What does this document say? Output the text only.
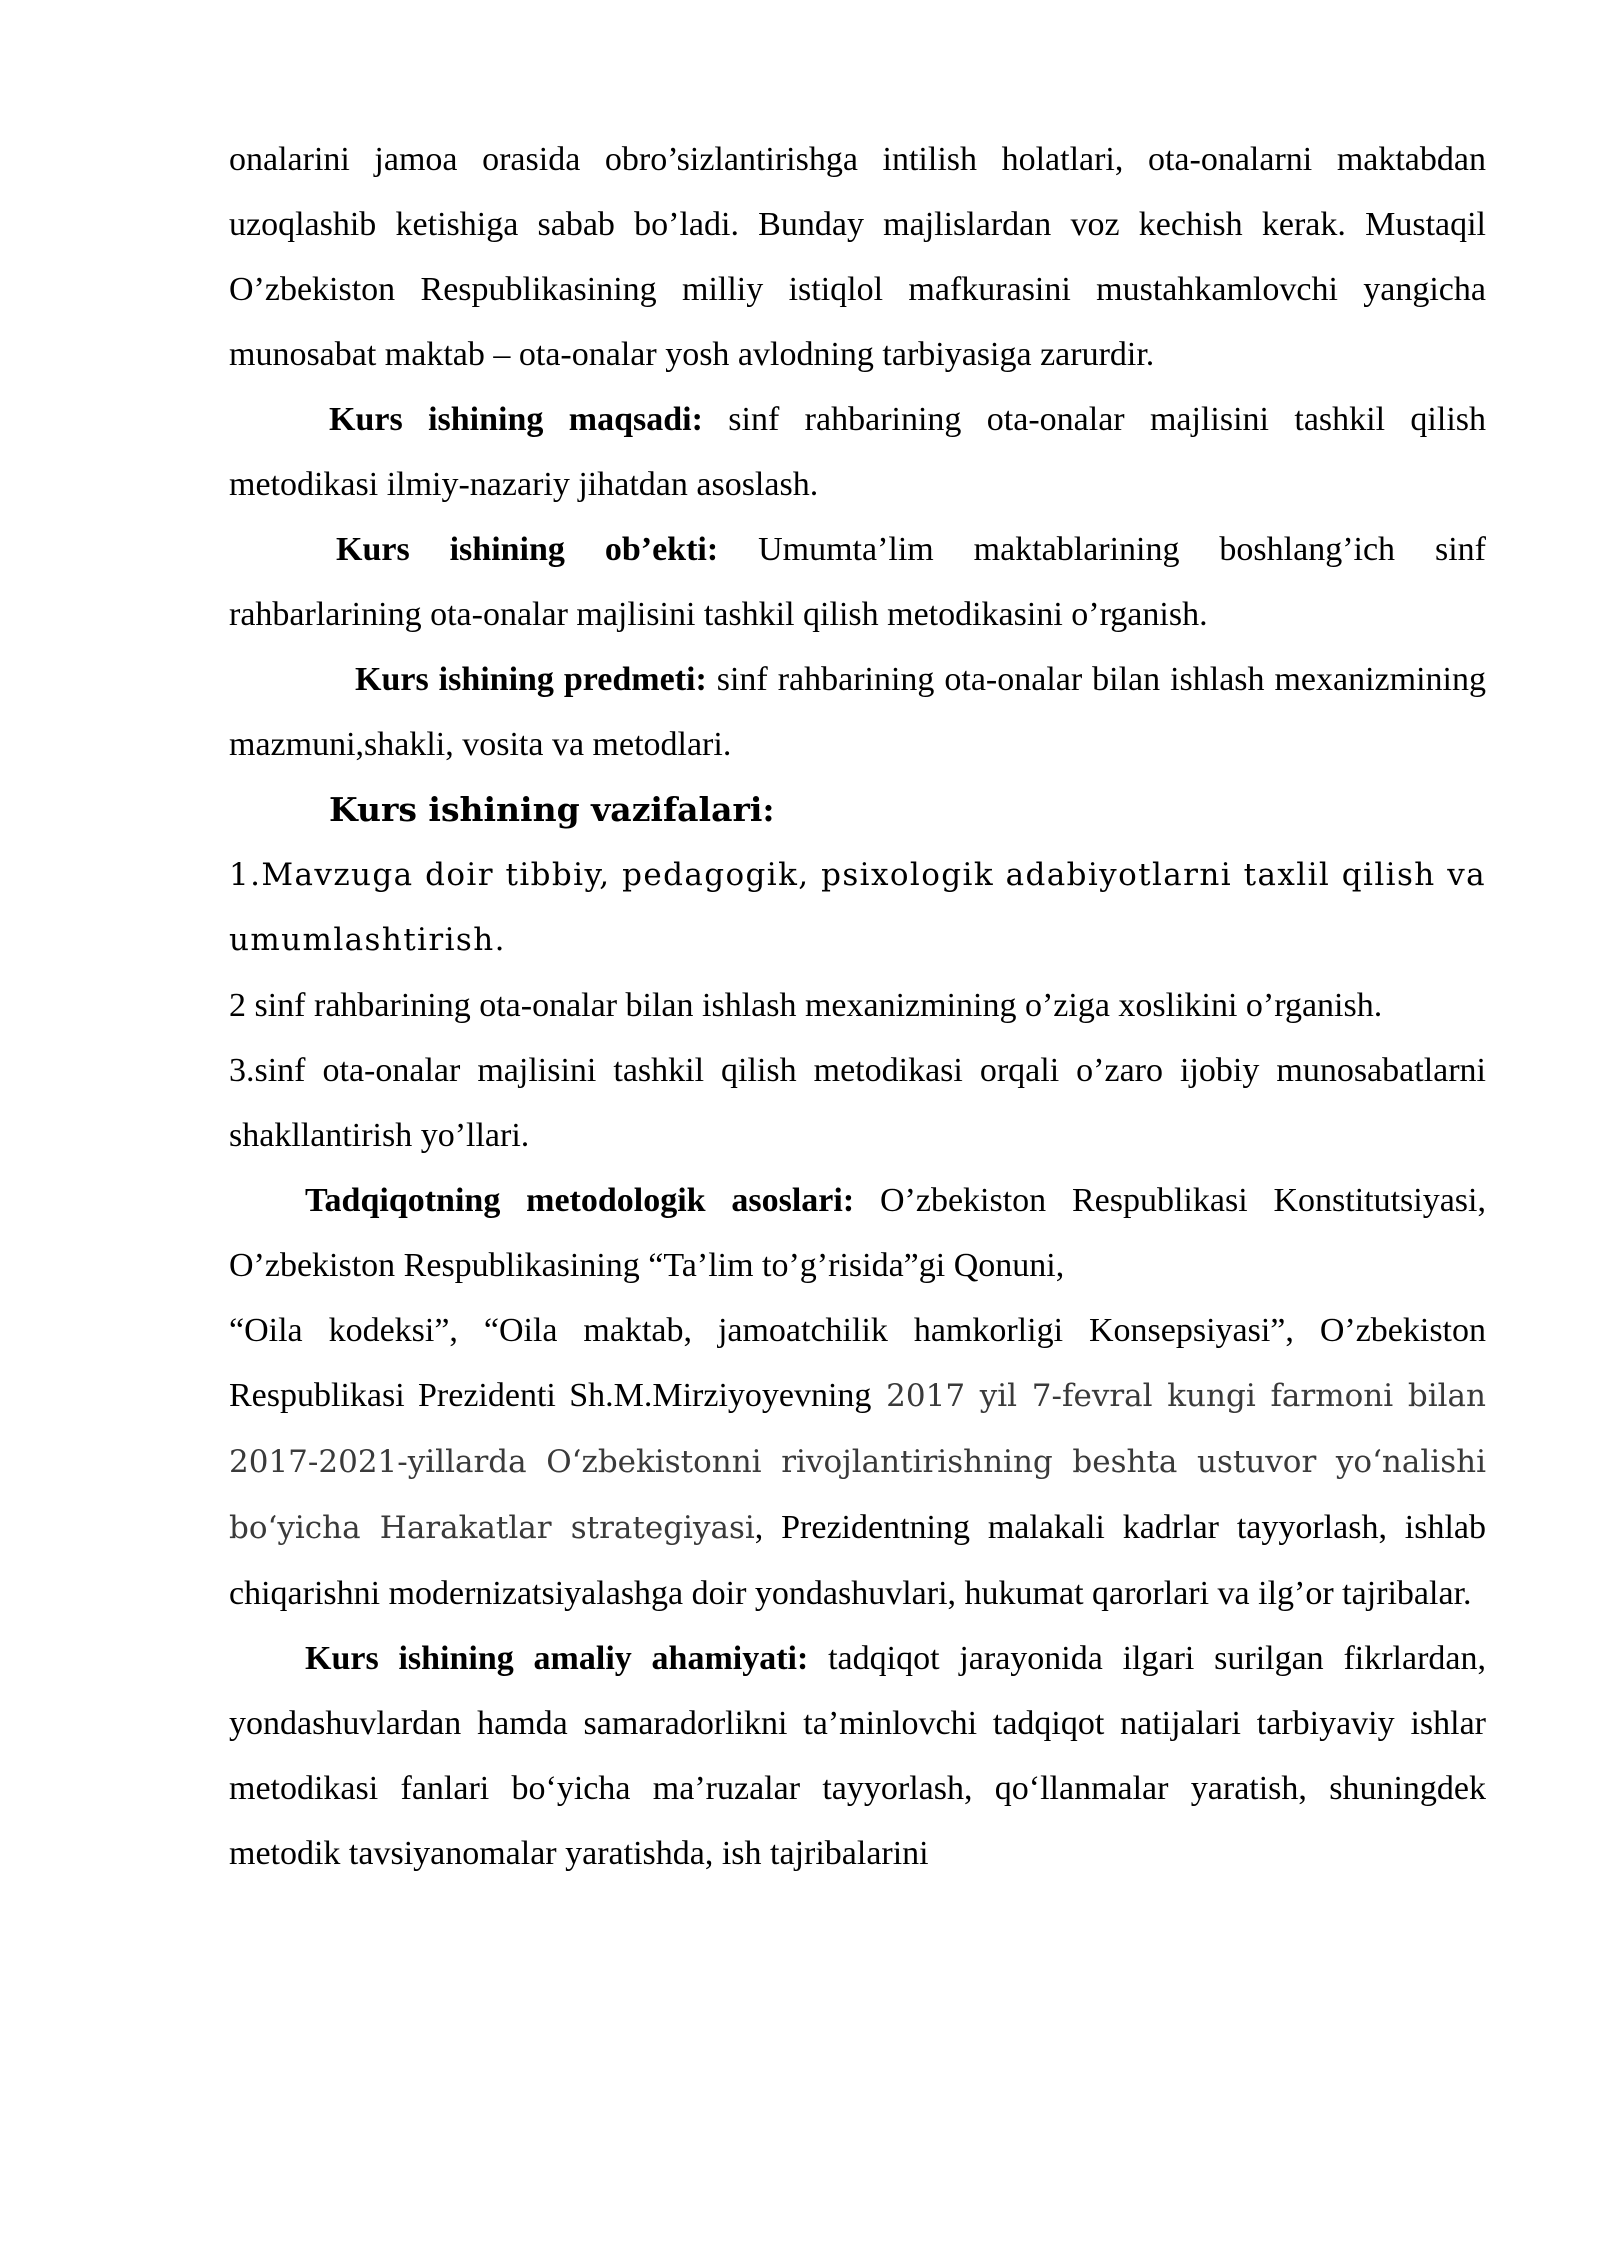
onalarini jamoa orasida obro’sizlantirishga intilish holatlari, ota-onalarni maktabdan uzoqlashib ketishiga sabab bo’ladi. Bunday majlislardan voz kechish kerak. Mustaqil O’zbekiston Respublikasining milliy istiqlol mafkurasini mustahkamlovchi yangicha munosabat maktab – ota-onalar yosh avlodning tarbiyasiga zarurdir.

Kurs ishining maqsadi: sinf rahbarining ota-onalar majlisini tashkil qilish metodikasi ilmiy-nazariy jihatdan asoslash.

Kurs ishining ob’ekti: Umumta’lim maktablarining boshlang’ich sinf rahbarlarining ota-onalar majlisini tashkil qilish metodikasini o’rganish.

Kurs ishining predmeti: sinf rahbarining ota-onalar bilan ishlash mexanizmining mazmuni,shakli, vosita va metodlari.

Kurs ishining vazifalari:

1.Mavzuga doir tibbiy, pedagogik, psixologik adabiyotlarni taxlil qilish va umumlashtirish.

2 sinf rahbarining ota-onalar bilan ishlash mexanizmining o’ziga xoslikini o’rganish.

3.sinf ota-onalar majlisini tashkil qilish metodikasi orqali o’zaro ijobiy munosabatlarni shakllantirish yo’llari.

Tadqiqotning metodologik asoslari: O’zbekiston Respublikasi Konstitutsiyasi, O’zbekiston Respublikasining “Ta’lim to’g’risida”gi Qonuni,

“Oila kodeksi”, “Oila maktab, jamoatchilik hamkorligi Konsepsiyasi”, O’zbekiston Respublikasi Prezidenti Sh.M.Mirziyoyevning 2017 yil 7-fevral kungi farmoni bilan 2017-2021-yillarda O‘zbekistonni rivojlantirishning beshta ustuvor yo‘nalishi bo‘yicha Harakatlar strategiyasi, Prezidentning malakali kadrlar tayyorlash, ishlab chiqarishni modernizatsiyalashga doir yondashuvlari, hukumat qarorlari va ilg’or tajribalar.

Kurs ishining amaliy ahamiyati: tadqiqot jarayonida ilgari surilgan fikrlardan, yondashuvlardan hamda samaradorlikni ta’minlovchi tadqiqot natijalari tarbiyaviy ishlar metodikasi fanlari bo‘yicha ma’ruzalar tayyorlash, qo‘llanmalar yaratish, shuningdek metodik tavsiyanomalar yaratishda, ish tajribalarini
